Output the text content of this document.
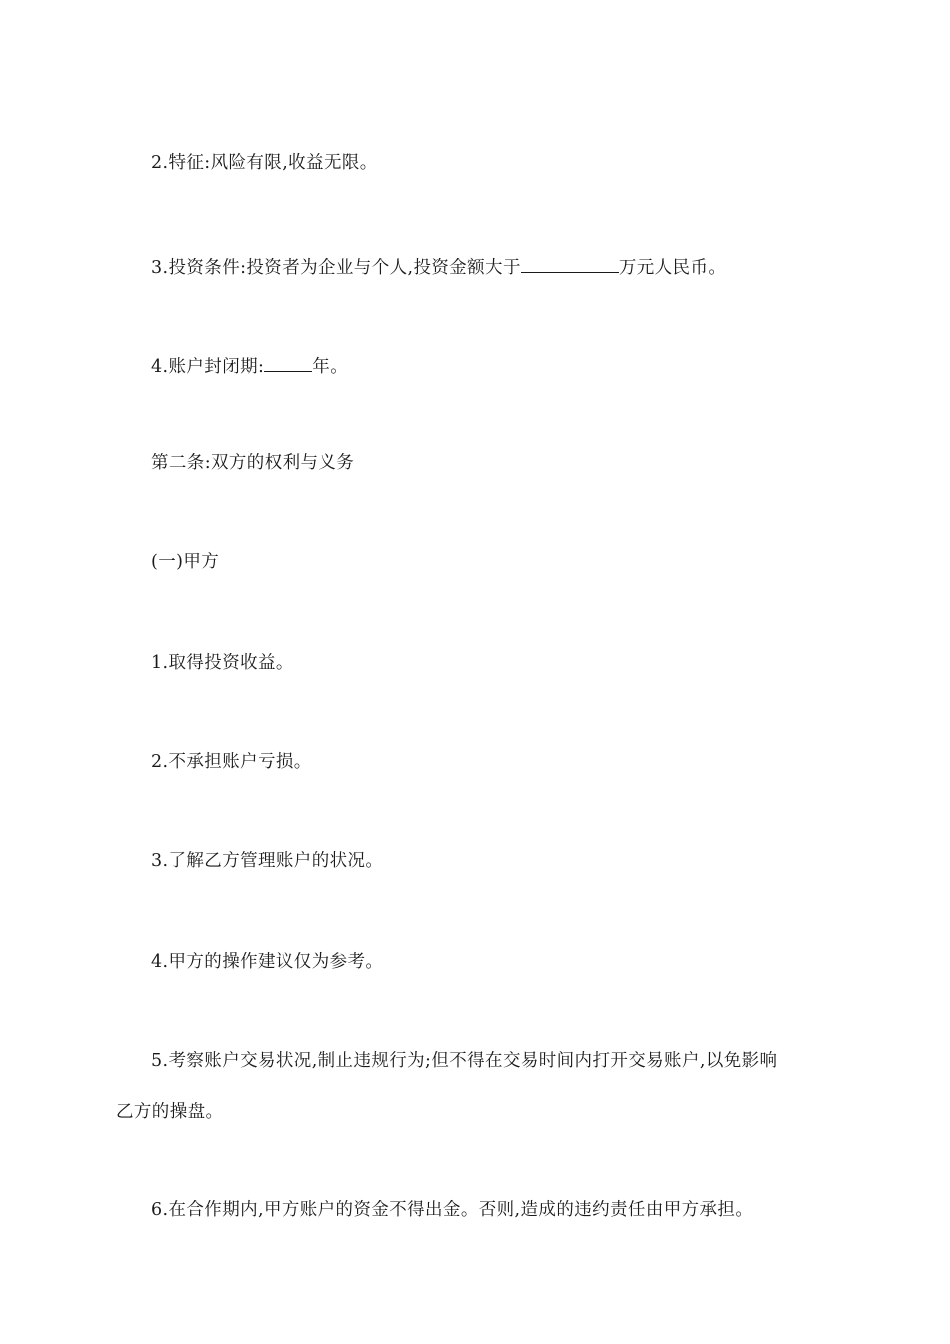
2.特征:风险有限,收益无限。
3.投资条件:投资者为企业与个人,投资金额大于	万元人民币。
4.账户封闭期:	年。
第二条:双方的权利与义务
(一)甲方
1.取得投资收益。
2.不承担账户亏损。
3.了解乙方管理账户的状况。
4.甲方的操作建议仅为参考。
5.考察账户交易状况,制止违规行为;但不得在交易时间内打开交易账户,以免影响
乙方的操盘。
6.在合作期内,甲方账户的资金不得出金。否则,造成的违约责任由甲方承担。
